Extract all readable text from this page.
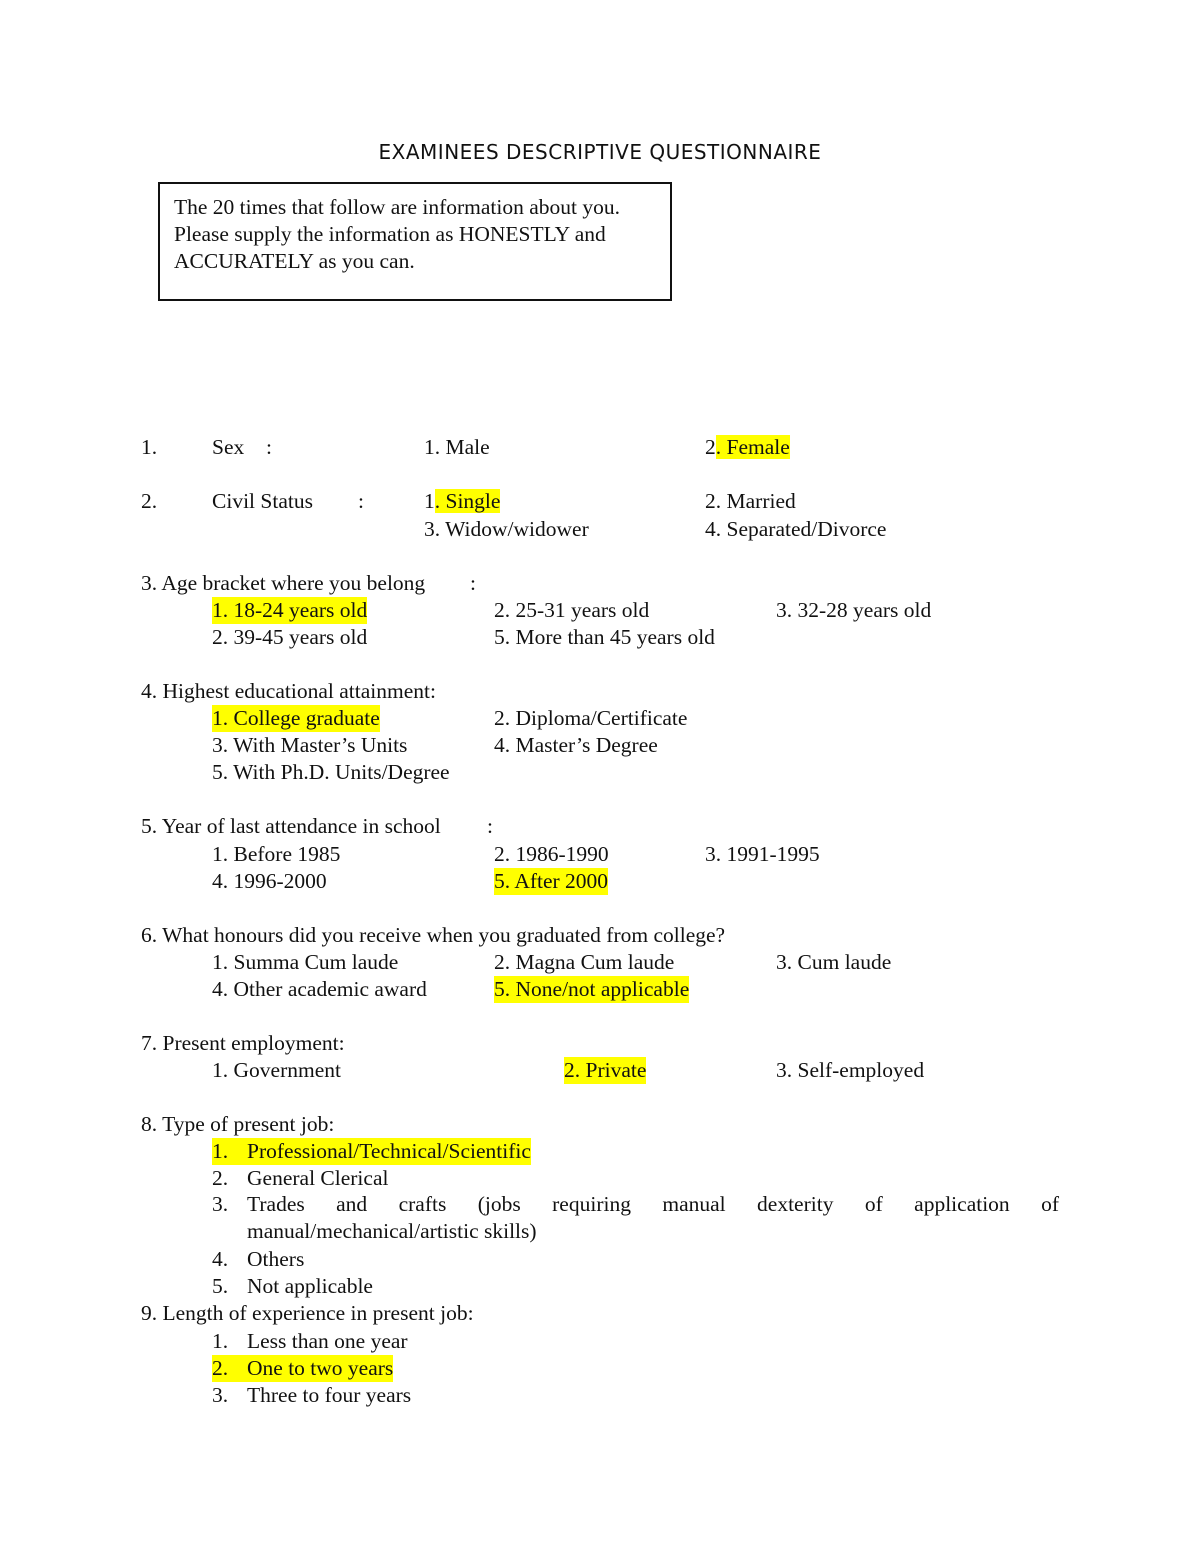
EXAMINEES DESCRIPTIVE QUESTIONNAIRE

The 20 times that follow are information about you. Please supply the information as HONESTLY and ACCURATELY as you can.

1.	Sex :	1. Male	2. Female
2.	Civil Status :	1. Single	2. Married
3. Widow/widower	4. Separated/Divorce
3. Age bracket where you belong :
1. 18-24 years old	2. 25-31 years old	3. 32-28 years old
2. 39-45 years old	5. More than 45 years old
4. Highest educational attainment:
1. College graduate	2. Diploma/Certificate
3. With Master’s Units	4. Master’s Degree
5. With Ph.D. Units/Degree
5. Year of last attendance in school :
1. Before 1985	2. 1986-1990	3. 1991-1995
4. 1996-2000	5. After 2000
6. What honours did you receive when you graduated from college?
1. Summa Cum laude	2. Magna Cum laude	3. Cum laude
4. Other academic award	5. None/not applicable
7. Present employment:
1. Government	2. Private	3. Self-employed
8. Type of present job:
1. Professional/Technical/Scientific
2. General Clerical
3. Trades and crafts (jobs requiring manual dexterity of application of
manual/mechanical/artistic skills)
4. Others
5. Not applicable
9. Length of experience in present job:
1. Less than one year
2. One to two years
3. Three to four years
